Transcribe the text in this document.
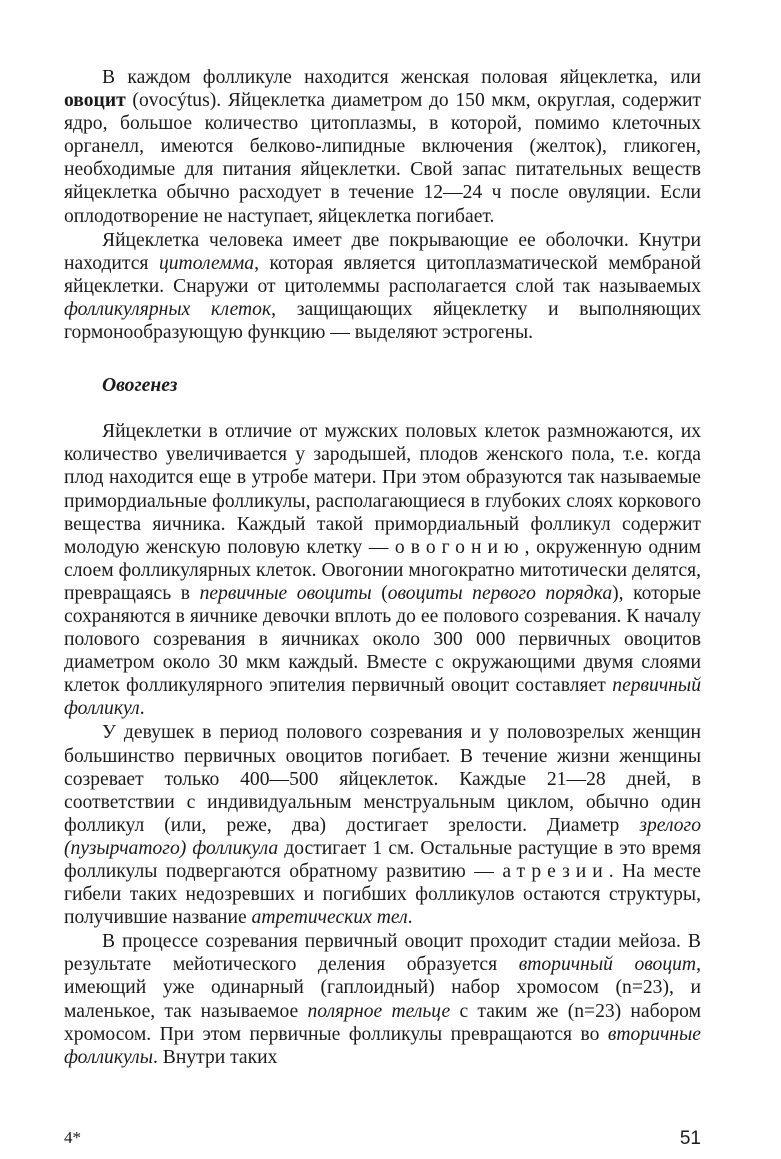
В каждом фолликуле находится женская половая яйцеклетка, или овоцит (ovocýtus). Яйцеклетка диаметром до 150 мкм, округлая, содержит ядро, большое количество цитоплазмы, в которой, помимо клеточных органелл, имеются белково-липидные включения (желток), гликоген, необходимые для питания яйцеклетки. Свой запас питательных веществ яйцеклетка обычно расходует в течение 12—24 ч после овуляции. Если оплодотворение не наступает, яйцеклетка погибает.

Яйцеклетка человека имеет две покрывающие ее оболочки. Кнутри находится цитолемма, которая является цитоплазматической мембраной яйцеклетки. Снаружи от цитолеммы располагается слой так называемых фолликулярных клеток, защищающих яйцеклетку и выполняющих гормонообразующую функцию — выделяют эстрогены.

Овогенез

Яйцеклетки в отличие от мужских половых клеток размножаются, их количество увеличивается у зародышей, плодов женского пола, т.е. когда плод находится еще в утробе матери. При этом образуются так называемые примордиальные фолликулы, располагающиеся в глубоких слоях коркового вещества яичника. Каждый такой примордиальный фолликул содержит молодую женскую половую клетку — овогонию, окруженную одним слоем фолликулярных клеток. Овогонии многократно митотически делятся, превращаясь в первичные овоциты (овоциты первого порядка), которые сохраняются в яичнике девочки вплоть до ее полового созревания. К началу полового созревания в яичниках около 300 000 первичных овоцитов диаметром около 30 мкм каждый. Вместе с окружающими двумя слоями клеток фолликулярного эпителия первичный овоцит составляет первичный фолликул.

У девушек в период полового созревания и у половозрелых женщин большинство первичных овоцитов погибает. В течение жизни женщины созревает только 400—500 яйцеклеток. Каждые 21—28 дней, в соответствии с индивидуальным менструальным циклом, обычно один фолликул (или, реже, два) достигает зрелости. Диаметр зрелого (пузырчатого) фолликула достигает 1 см. Остальные растущие в это время фолликулы подвергаются обратному развитию — атрезии. На месте гибели таких недозревших и погибших фолликулов остаются структуры, получившие название атретических тел.

В процессе созревания первичный овоцит проходит стадии мейоза. В результате мейотического деления образуется вторичный овоцит, имеющий уже одинарный (гаплоидный) набор хромосом (n=23), и маленькое, так называемое полярное тельце с таким же (n=23) набором хромосом. При этом первичные фолликулы превращаются во вторичные фолликулы. Внутри таких

4*	51
